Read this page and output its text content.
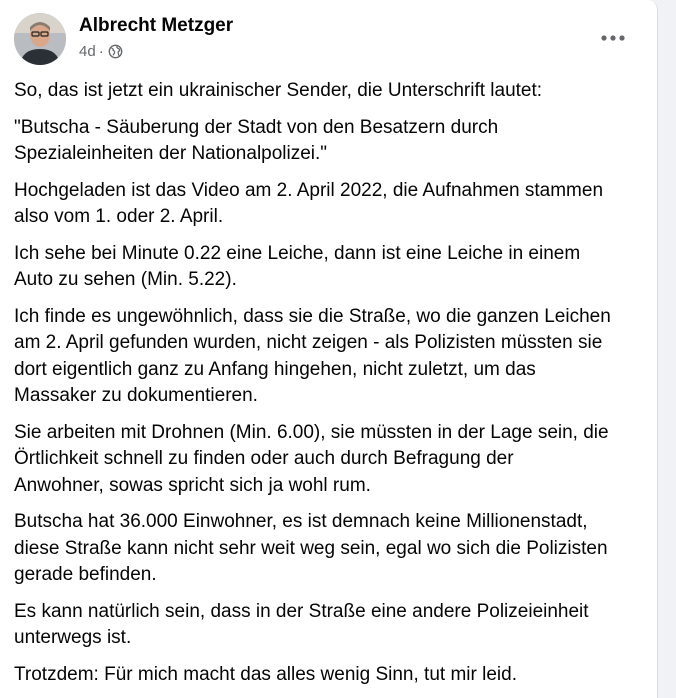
Albrecht Metzger
4d ·

So, das ist jetzt ein ukrainischer Sender, die Unterschrift lautet:

"Butscha - Säuberung der Stadt von den Besatzern durch
Spezialeinheiten der Nationalpolizei."

Hochgeladen ist das Video am 2. April 2022, die Aufnahmen stammen
also vom 1. oder 2. April.

Ich sehe bei Minute 0.22 eine Leiche, dann ist eine Leiche in einem
Auto zu sehen (Min. 5.22).

Ich finde es ungewöhnlich, dass sie die Straße, wo die ganzen Leichen
am 2. April gefunden wurden, nicht zeigen - als Polizisten müssten sie
dort eigentlich ganz zu Anfang hingehen, nicht zuletzt, um das
Massaker zu dokumentieren.

Sie arbeiten mit Drohnen (Min. 6.00), sie müssten in der Lage sein, die
Örtlichkeit schnell zu finden oder auch durch Befragung der
Anwohner, sowas spricht sich ja wohl rum.

Butscha hat 36.000 Einwohner, es ist demnach keine Millionenstadt,
diese Straße kann nicht sehr weit weg sein, egal wo sich die Polizisten
gerade befinden.

Es kann natürlich sein, dass in der Straße eine andere Polizeieinheit
unterwegs ist.

Trotzdem: Für mich macht das alles wenig Sinn, tut mir leid.
